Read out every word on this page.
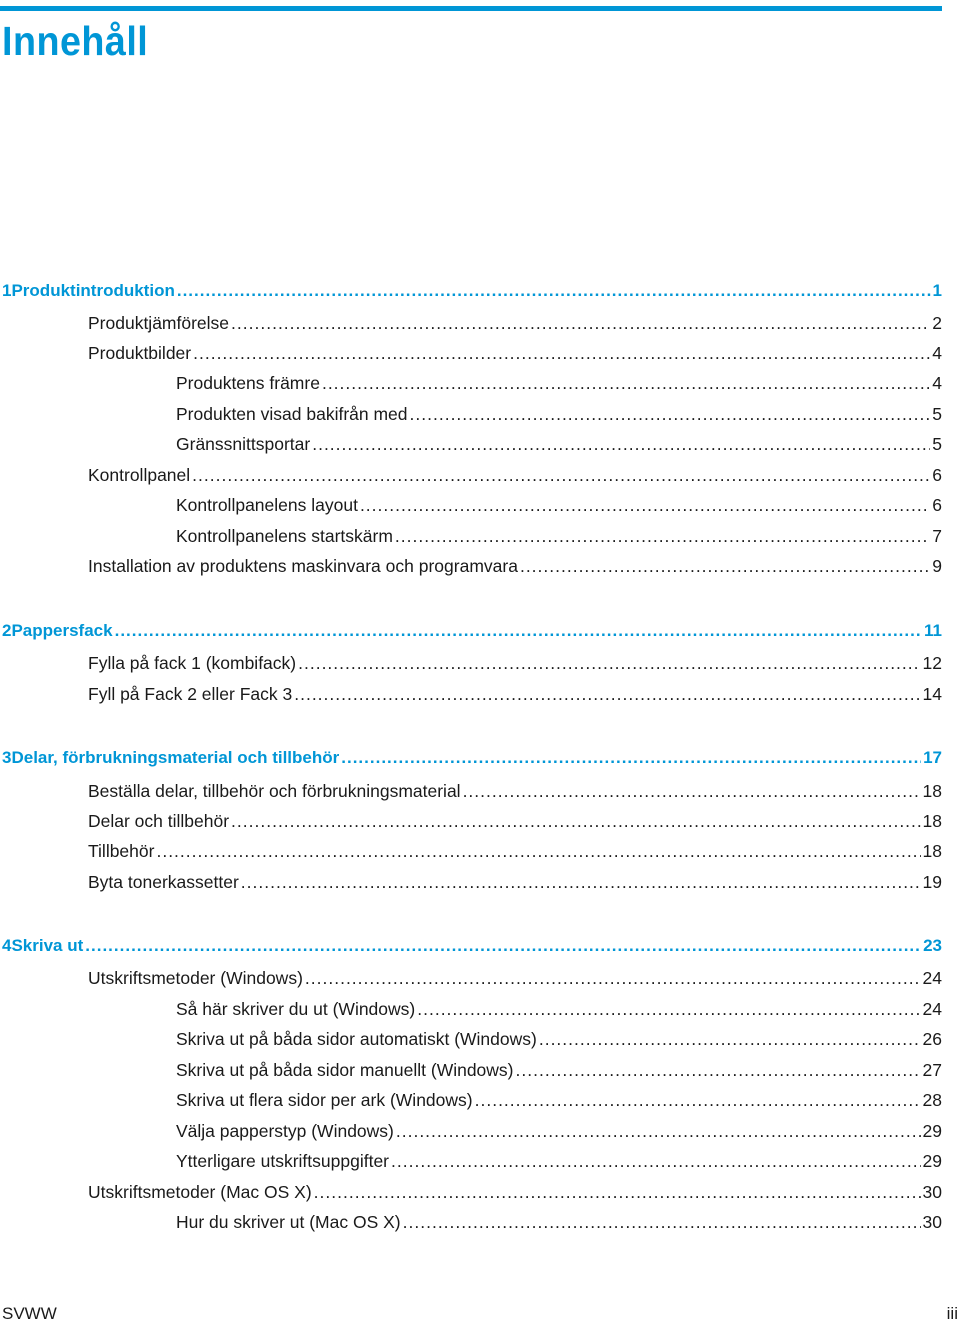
Innehåll
1 Produktintroduktion .....	1
Produktjämförelse .....	2
Produktbilder .....	4
Produktens främre .....	4
Produkten visad bakifrån med .....	5
Gränssnittsportar .....	5
Kontrollpanel .....	6
Kontrollpanelens layout .....	6
Kontrollpanelens startskärm .....	7
Installation av produktens maskinvara och programvara .....	9
2 Pappersfack .....	11
Fylla på fack 1 (kombifack) .....	12
Fyll på Fack 2 eller Fack 3 .....	14
3 Delar, förbrukningsmaterial och tillbehör .....	17
Beställa delar, tillbehör och förbrukningsmaterial .....	18
Delar och tillbehör .....	18
Tillbehör .....	18
Byta tonerkassetter .....	19
4 Skriva ut .....	23
Utskriftsmetoder (Windows) .....	24
Så här skriver du ut (Windows) .....	24
Skriva ut på båda sidor automatiskt (Windows) .....	26
Skriva ut på båda sidor manuellt (Windows) .....	27
Skriva ut flera sidor per ark (Windows) .....	28
Välja papperstyp (Windows) .....	29
Ytterligare utskriftsuppgifter .....	29
Utskriftsmetoder (Mac OS X) .....	30
Hur du skriver ut (Mac OS X) .....	30
SVWW	iii
